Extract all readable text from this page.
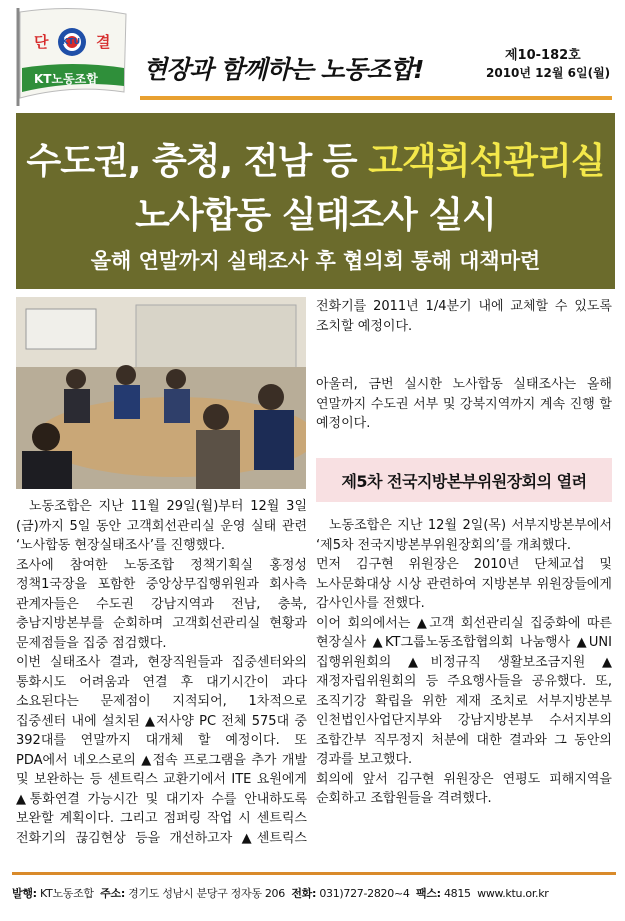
단	결
KTU
KT노동조합 현장과 함께하는 노동조합!	제10-182호
2010년 12월 6일(월)
수도권, 충청, 전남 등 고객회선관리실
노사합동 실태조사 실시
올해 연말까지 실태조사 후 협의회 통해 대책마련

노동조합은 지난 11월 29일(월)부터 12월 3일(금)까지 5일 동안 고객회선관리실 운영 실태 관련 ‘노사합동 현장실태조사’를 진행했다.

조사에 참여한 노동조합 정책기획실 홍정성 정책1국장을 포함한 중앙상무집행위원과 회사측 관계자들은 수도권 강남지역과 전남, 충북, 충남지방본부를 순회하며 고객회선관리실 현황과 문제점들을 집중 점검했다.

이번 실태조사 결과, 현장직원들과 집중센터와의 통화시도 어려움과 연결 후 대기시간이 과다 소요된다는 문제점이 지적되어, 1차적으로 집중센터 내에 설치된 ▲저사양 PC 전체 575대 중 392대를 연말까지 대개체 할 예정이다. 또 PDA에서 네오스로의 ▲접속 프로그램을 추가 개발 및 보완하는 등 센트릭스 교환기에서 ITE 요원에게 ▲통화연결 가능시간 및 대기자 수를 안내하도록 보완할 계획이다. 그리고 점퍼링 작업 시 센트릭스 전화기의 끊김현상 등을 개선하고자 ▲센트릭스

전화기를 2011년 1/4분기 내에 교체할 수 있도록 조치할 예정이다.

아울러, 금번 실시한 노사합동 실태조사는 올해 연말까지 수도권 서부 및 강북지역까지 계속 진행 할 예정이다.

제5차 전국지방본부위원장회의 열려

노동조합은 지난 12월 2일(목) 서부지방본부에서 ‘제5차 전국지방본부위원장회의’를 개최했다.

먼저 김구현 위원장은 2010년 단체교섭 및 노사문화대상 시상 관련하여 지방본부 위원장들에게 감사인사를 전했다.

이어 회의에서는 ▲고객 회선관리실 집중화에 따른 현장실사 ▲KT그룹노동조합협의회 나눔행사 ▲UNI 집행위원회의 ▲비정규직 생활보조금지원 ▲재정자립위원회의 등 주요행사들을 공유했다. 또, 조직기강 확립을 위한 제재 조치로 서부지방본부 인천법인사업단지부와 강남지방본부 수서지부의 조합간부 직무정지 처분에 대한 결과와 그 동안의 경과를 보고했다.

회의에 앞서 김구현 위원장은 연평도 피해지역을 순회하고 조합원들을 격려했다.

발행: KT노동조합 주소: 경기도 성남시 분당구 정자동 206 전화: 031)727-2820~4 팩스: 4815 www.ktu.or.kr
